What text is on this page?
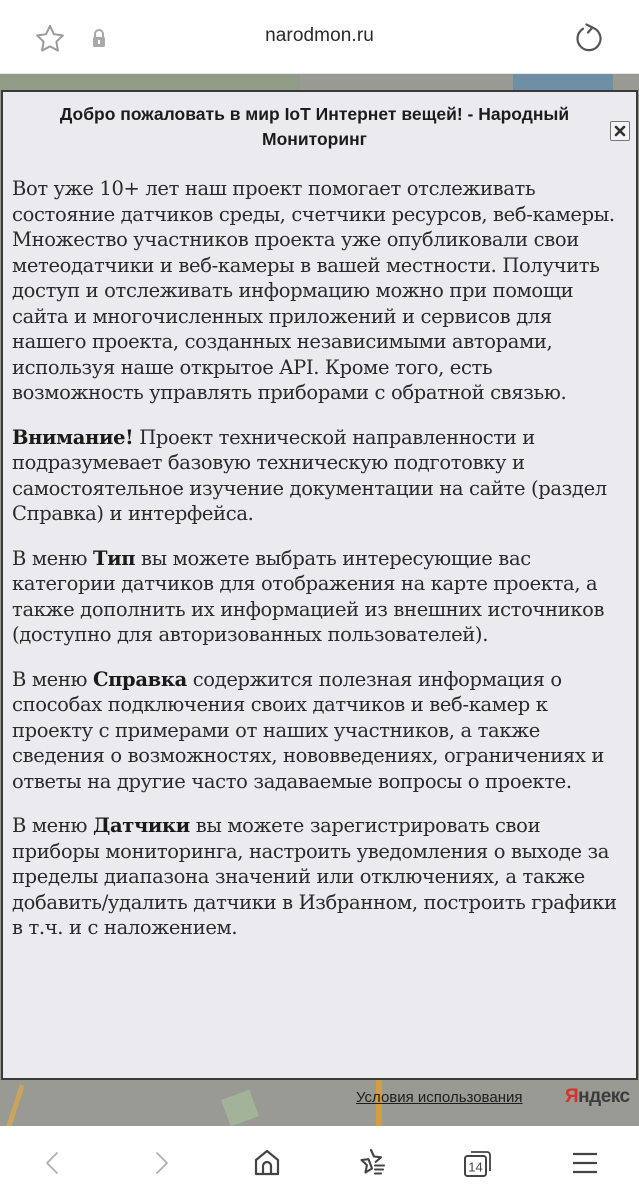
narodmon.ru
Добро пожаловать в мир IoT Интернет вещей! - Народный Мониторинг

Вот уже 10+ лет наш проект помогает отслеживать состояние датчиков среды, счетчики ресурсов, веб-камеры. Множество участников проекта уже опубликовали свои метеодатчики и веб-камеры в вашей местности. Получить доступ и отслеживать информацию можно при помощи сайта и многочисленных приложений и сервисов для нашего проекта, созданных независимыми авторами, используя наше открытое API. Кроме того, есть возможность управлять приборами с обратной связью.

Внимание! Проект технической направленности и подразумевает базовую техническую подготовку и самостоятельное изучение документации на сайте (раздел Справка) и интерфейса.

В меню Тип вы можете выбрать интересующие вас категории датчиков для отображения на карте проекта, а также дополнить их информацией из внешних источников (доступно для авторизованных пользователей).

В меню Справка содержится полезная информация о способах подключения своих датчиков и веб-камер к проекту с примерами от наших участников, а также сведения о возможностях, нововведениях, ограничениях и ответы на другие часто задаваемые вопросы о проекте.

В меню Датчики вы можете зарегистрировать свои приборы мониторинга, настроить уведомления о выходе за пределы диапазона значений или отключениях, а также добавить/удалить датчики в Избранном, построить графики в т.ч. и с наложением.

Условия использования Яндекс
14
